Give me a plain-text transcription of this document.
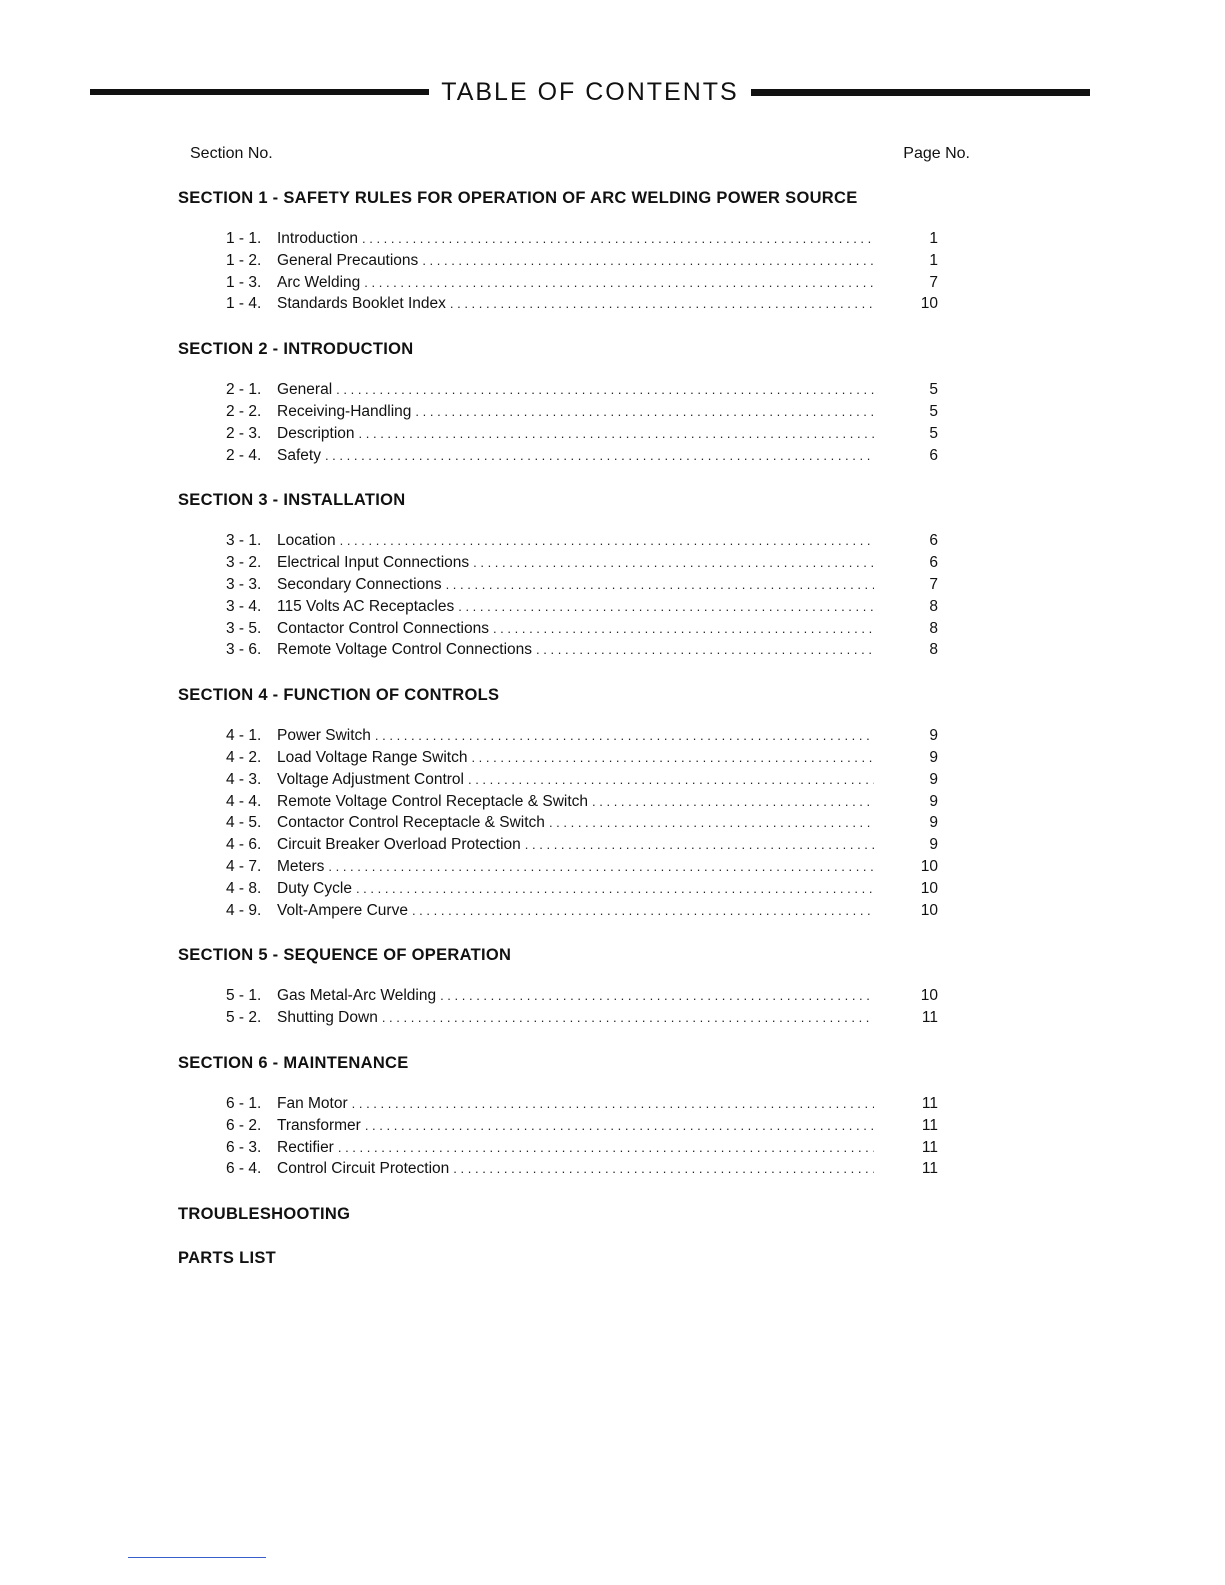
TABLE OF CONTENTS
Section No.	Page No.
SECTION 1 - SAFETY RULES FOR OPERATION OF ARC WELDING POWER SOURCE
1 - 1.	Introduction . . .	1
1 - 2.	General Precautions . . .	1
1 - 3.	Arc Welding . . .	7
1 - 4.	Standards Booklet Index . . .	10
SECTION 2 - INTRODUCTION
2 - 1.	General . . .	5
2 - 2.	Receiving-Handling . . .	5
2 - 3.	Description . . .	5
2 - 4.	Safety . . .	6
SECTION 3 - INSTALLATION
3 - 1.	Location . . .	6
3 - 2.	Electrical Input Connections . . .	6
3 - 3.	Secondary Connections . . .	7
3 - 4.	115 Volts AC Receptacles . . .	8
3 - 5.	Contactor Control Connections . . .	8
3 - 6.	Remote Voltage Control Connections . . .	8
SECTION 4 - FUNCTION OF CONTROLS
4 - 1.	Power Switch . . .	9
4 - 2.	Load Voltage Range Switch . . .	9
4 - 3.	Voltage Adjustment Control . . .	9
4 - 4.	Remote Voltage Control Receptacle & Switch . . .	9
4 - 5.	Contactor Control Receptacle & Switch . . .	9
4 - 6.	Circuit Breaker Overload Protection . . .	9
4 - 7.	Meters . . .	10
4 - 8.	Duty Cycle . . .	10
4 - 9.	Volt-Ampere Curve . . .	10
SECTION 5 - SEQUENCE OF OPERATION
5 - 1.	Gas Metal-Arc Welding . . .	10
5 - 2.	Shutting Down . . .	11
SECTION 6 - MAINTENANCE
6 - 1.	Fan Motor . . .	11
6 - 2.	Transformer . . .	11
6 - 3.	Rectifier . . .	11
6 - 4.	Control Circuit Protection . . .	11
TROUBLESHOOTING
PARTS LIST
